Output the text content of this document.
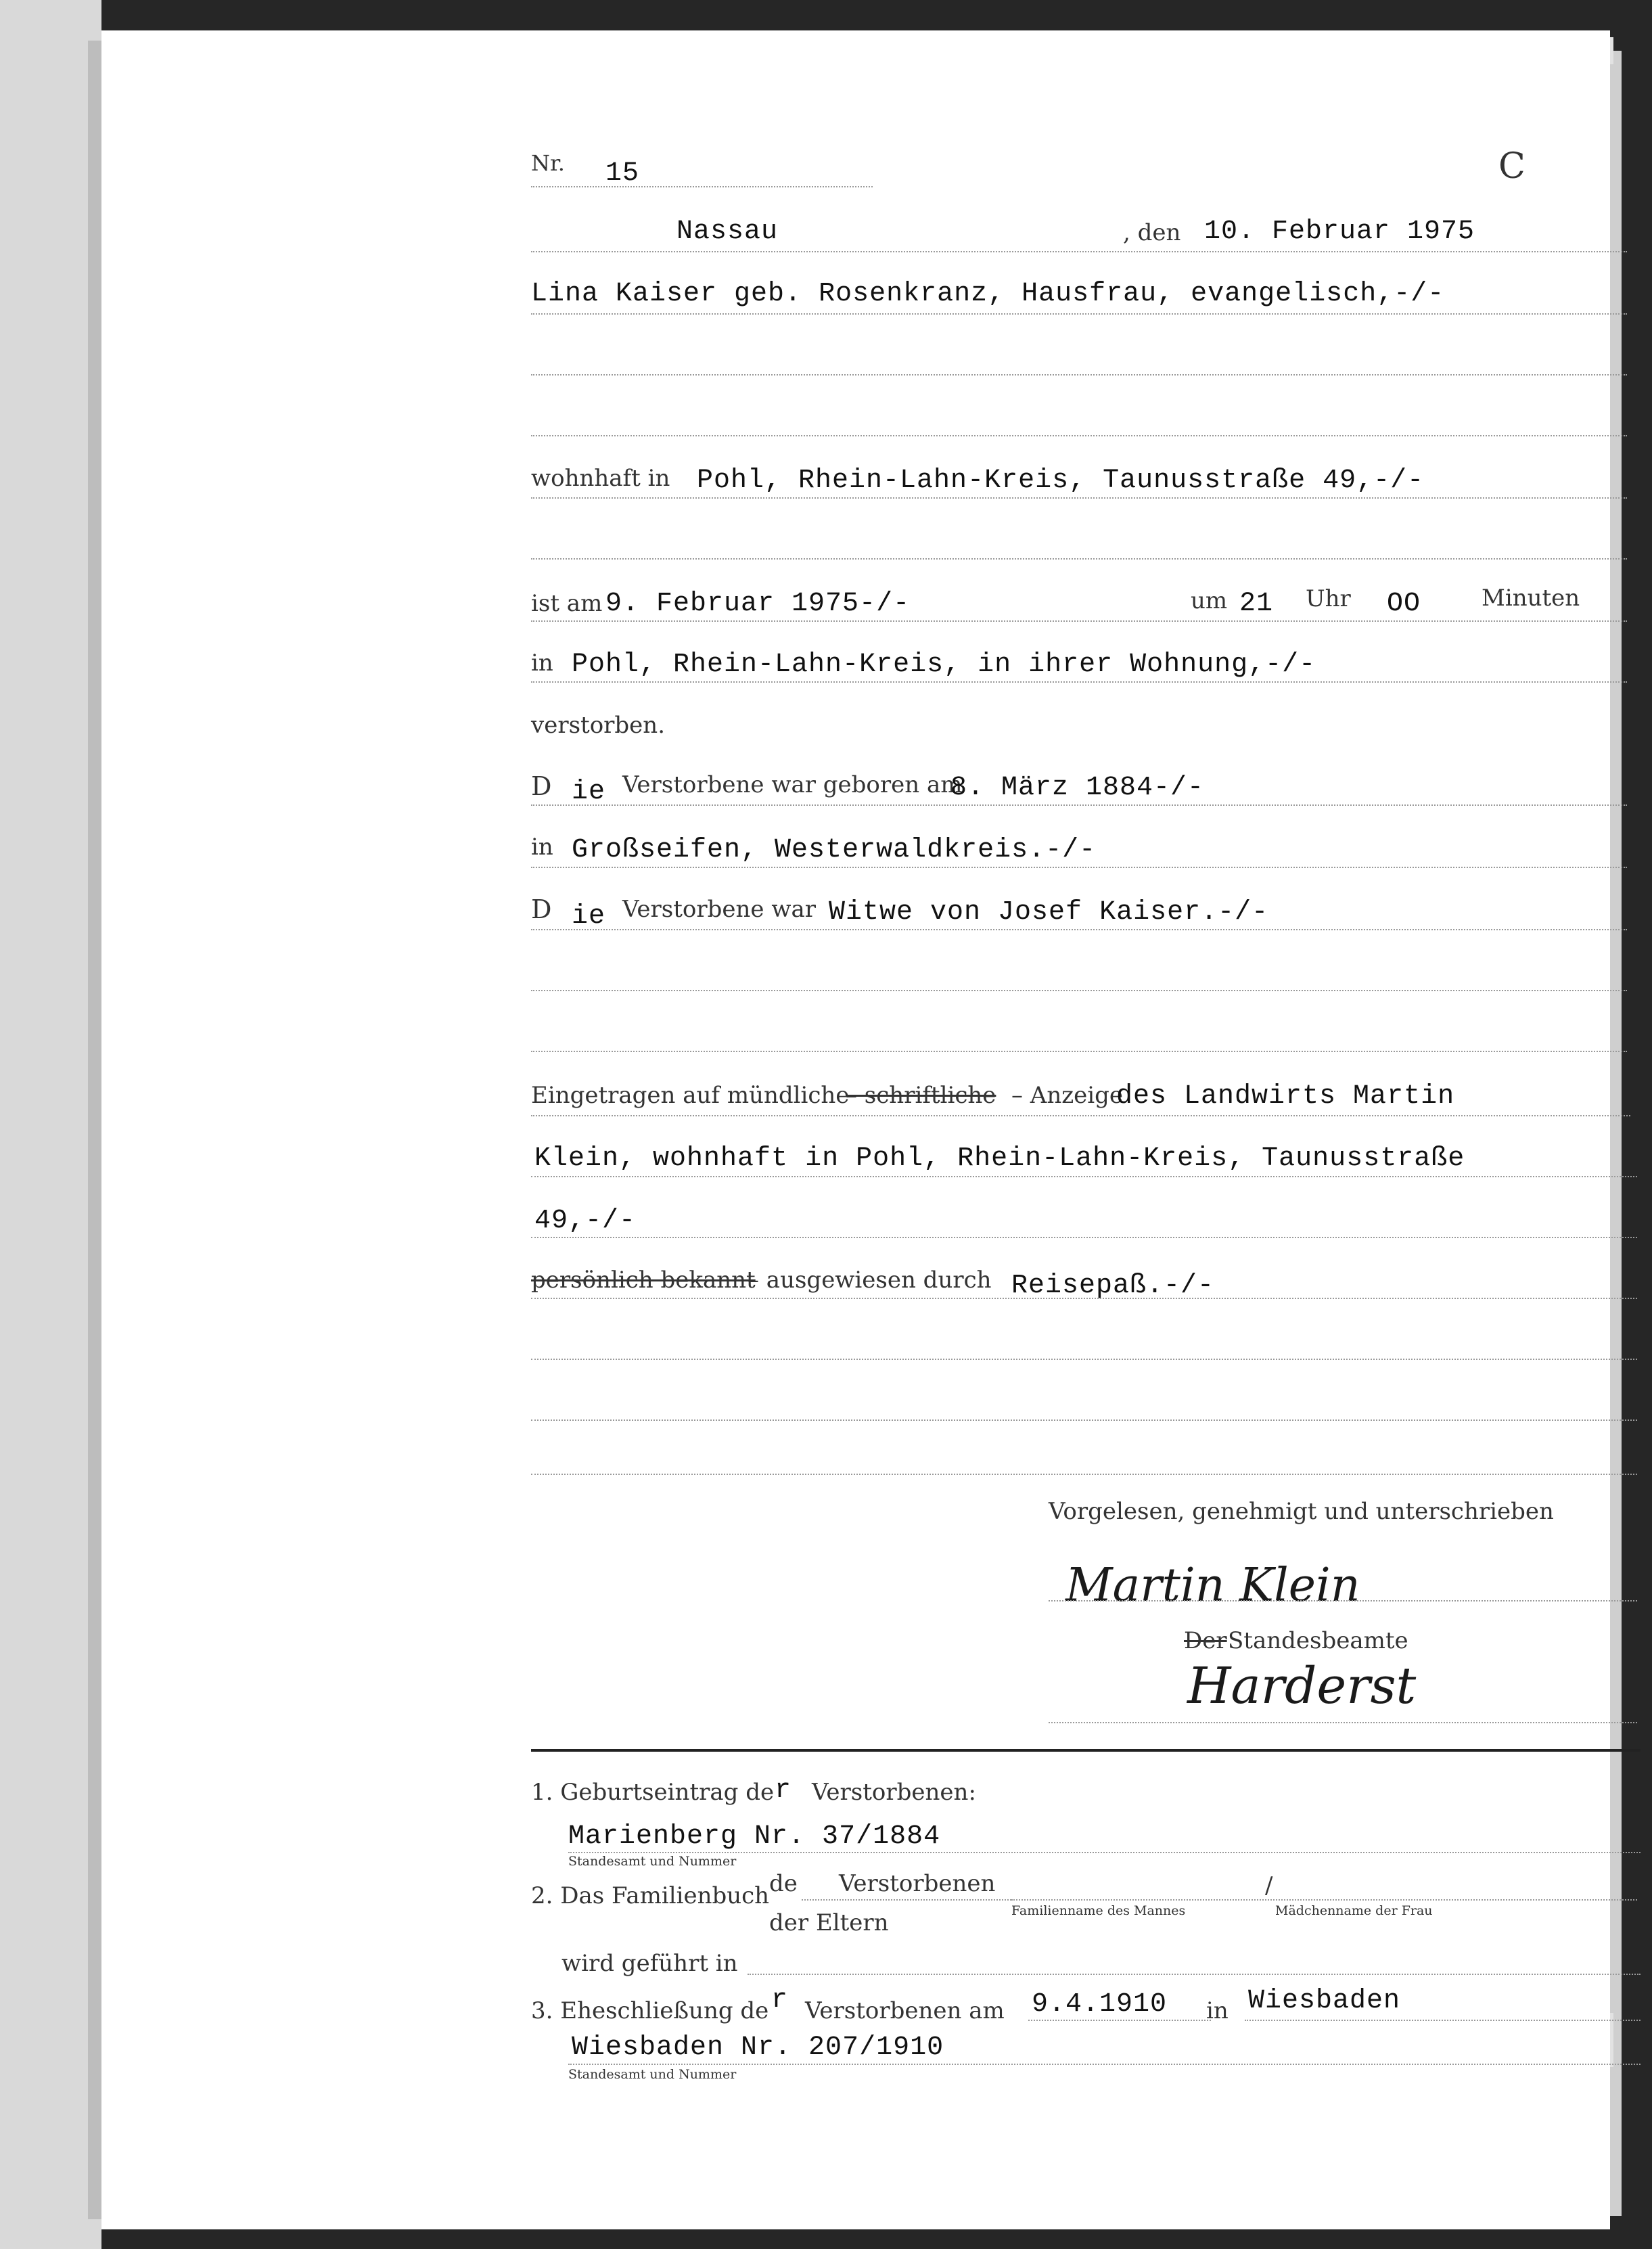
Nr. 15	C
Nassau	, den 10. Februar 1975
Lina Kaiser geb. Rosenkranz, Hausfrau, evangelisch,-/-
wohnhaft in Pohl, Rhein-Lahn-Kreis, Taunusstraße 49,-/-
ist am 9. Februar 1975-/-	um 21 Uhr OO	Minuten
in Pohl, Rhein-Lahn-Kreis, in ihrer Wohnung,-/-
verstorben.
D ie Verstorbene war geboren am
8. März 1884-/-
in Großseifen, Westerwaldkreis.-/-
D ie Verstorbene war Witwe von Josef Kaiser.-/-
Eingetragen auf mündliche
– schriftliche – Anzeige
des Landwirts Martin
Klein, wohnhaft in Pohl, Rhein-Lahn-Kreis, Taunusstraße
49,-/-
persönlich bekannt
– ausgewiesen durch Reisepaß.-/-
Vorgelesen, genehmigt und unterschrieben
Martin Klein
Der Standesbeamte
Harderst
1. Geburtseintrag de r Verstorbenen:
Marienberg Nr. 37/1884
Standesamt und Nummer
2. Das Familienbuch de Verstorbenen
der Eltern
/
Familienname des Mannes	Mädchenname der Frau
wird geführt in
3. Eheschließung de r Verstorbenen am 9.4.1910 in Wiesbaden
Wiesbaden Nr. 207/1910
Standesamt und Nummer
